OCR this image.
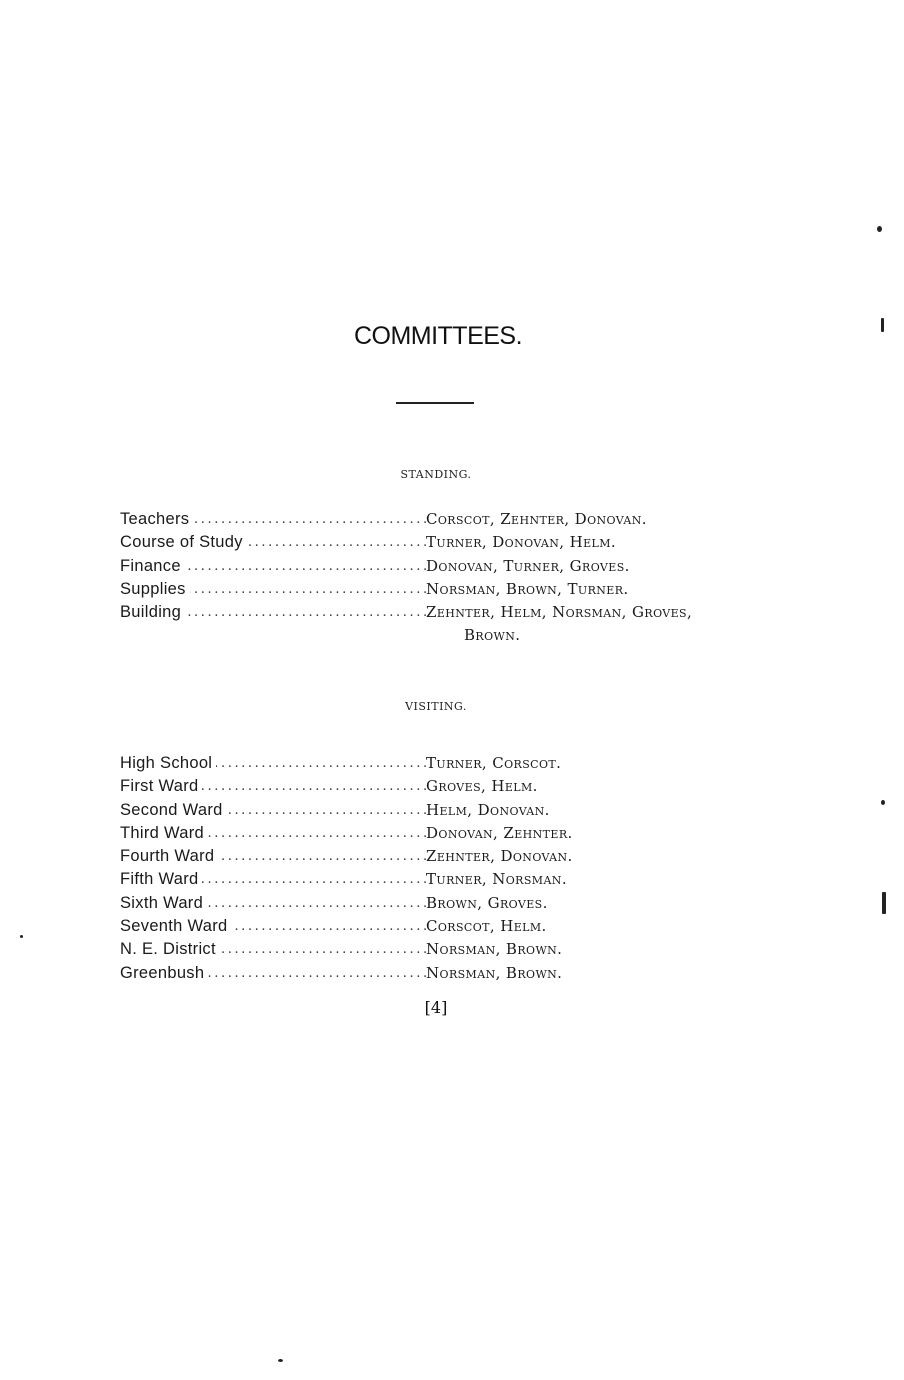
COMMITTEES.
STANDING.
Teachers .....	Corscot, Zehnter, Donovan.
Course of Study .....	Turner, Donovan, Helm.
Finance .....	Donovan, Turner, Groves.
Supplies .....	Norsman, Brown, Turner.
Building .....	Zehnter, Helm, Norsman, Groves,
Brown.
VISITING.
High School .....	Turner, Corscot.
First Ward .....	Groves, Helm.
Second Ward .....	Helm, Donovan.
Third Ward .....	Donovan, Zehnter.
Fourth Ward .....	Zehnter, Donovan.
Fifth Ward .....	Turner, Norsman.
Sixth Ward .....	Brown, Groves.
Seventh Ward .....	Corscot, Helm.
N. E. District .....	Norsman, Brown.
Greenbush .....	Norsman, Brown.
[4]
